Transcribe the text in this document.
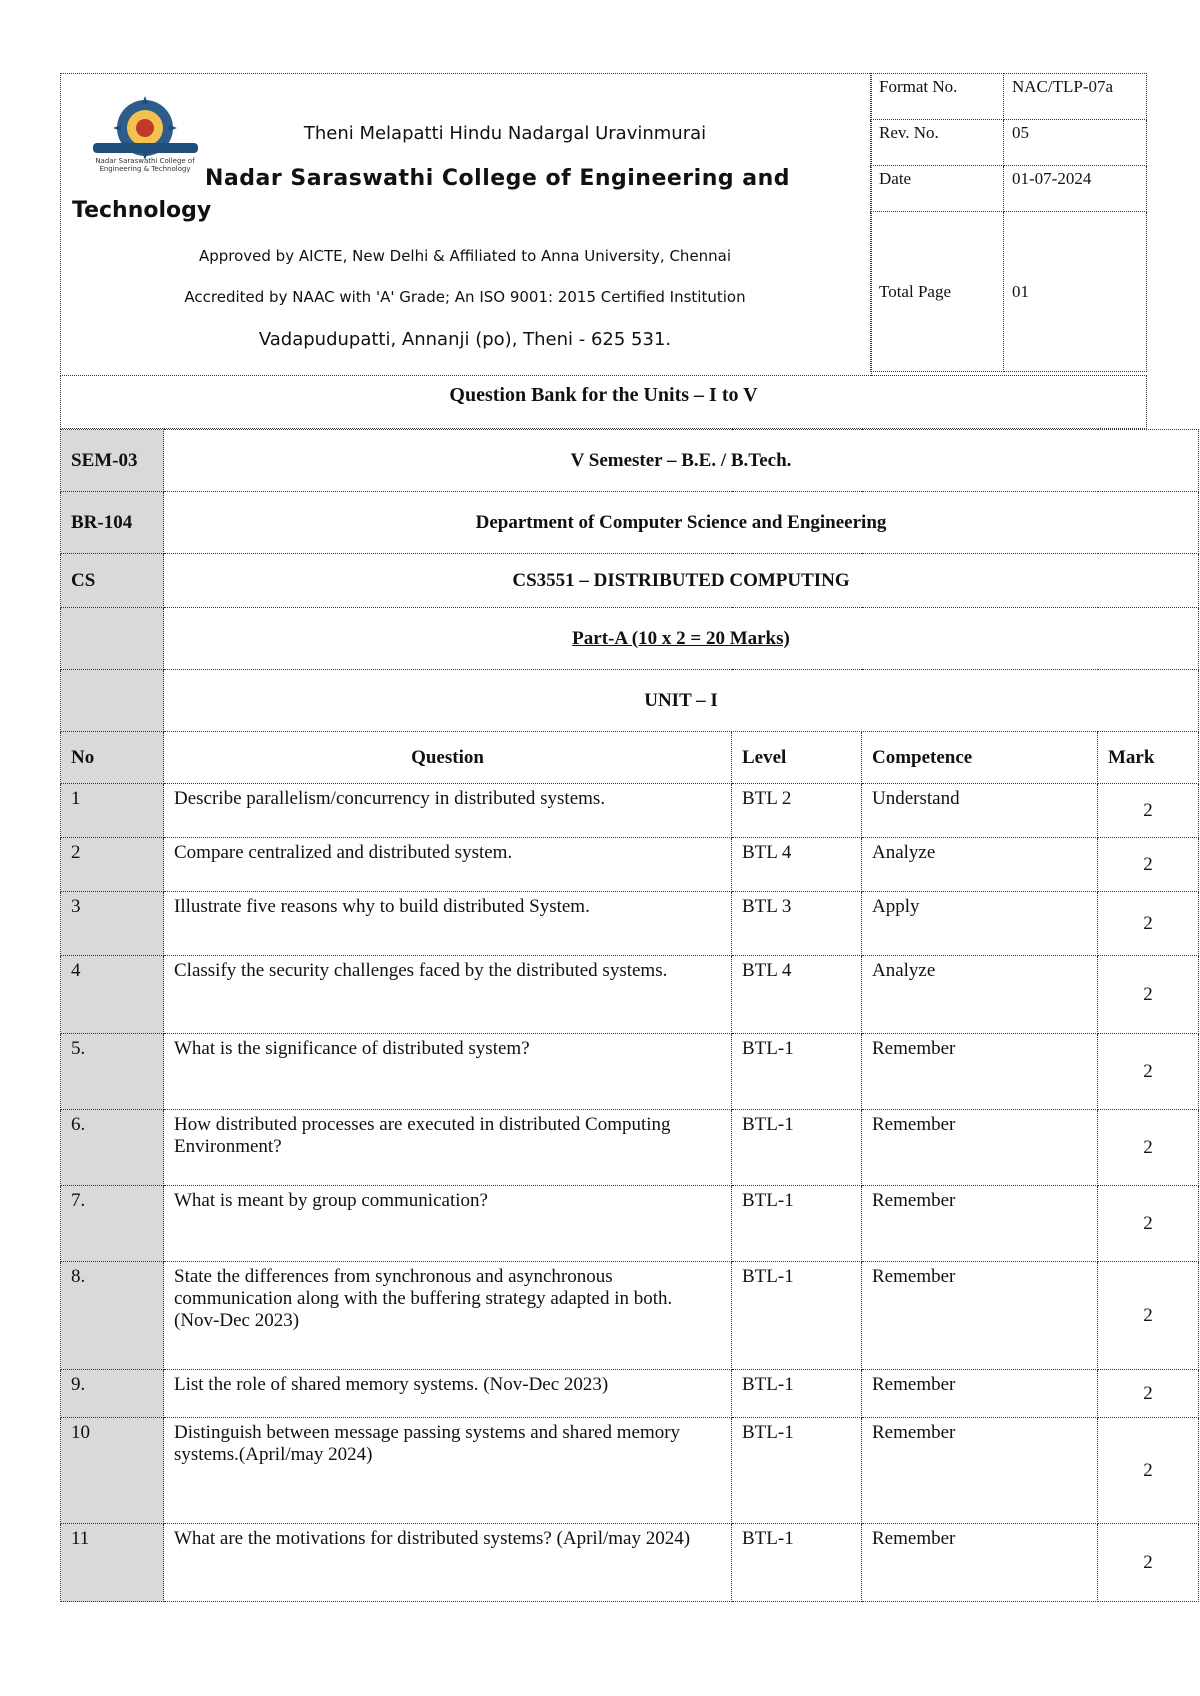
Nadar Saraswathi College of
Engineering & Technology
Theni Melapatti Hindu Nadargal Uravinmurai
Nadar Saraswathi College of Engineering and
Technology
Approved by AICTE, New Delhi & Affiliated to Anna University, Chennai
Accredited by NAAC with 'A' Grade; An ISO 9001: 2015 Certified Institution
Vadapudupatti, Annanji (po), Theni - 625 531.
Format No.	NAC/TLP-07a
Rev. No.	05
Date	01-07-2024
Total Page	01
Question Bank for the Units – I to V
SEM-03	V Semester – B.E. / B.Tech.			
BR-104	Department of Computer Science and Engineering			
CS	CS3551 – DISTRIBUTED COMPUTING			
	Part-A (10 x 2 = 20 Marks)			
	UNIT – I			
No	Question	Level	Competence	Mark
1	Describe parallelism/concurrency in distributed systems.	BTL 2	Understand	2
2	Compare centralized and distributed system.	BTL 4	Analyze	2
3	Illustrate five reasons why to build distributed System.	BTL 3	Apply	2
4	Classify the security challenges faced by the distributed systems.	BTL 4	Analyze	2
5.	What is the significance of distributed system?	BTL-1	Remember	2
6.	How distributed processes are executed in distributed Computing Environment?	BTL-1	Remember	2
7.	What is meant by group communication?	BTL-1	Remember	2
8.	State the differences from synchronous and asynchronous communication along with the buffering strategy adapted in both. (Nov-Dec 2023)	BTL-1	Remember	2
9.	List the role of shared memory systems. (Nov-Dec 2023)	BTL-1	Remember	2
10	Distinguish between message passing systems and shared memory systems.(April/may 2024)	BTL-1	Remember	2
11	What are the motivations for distributed systems? (April/may 2024)	BTL-1	Remember	2
